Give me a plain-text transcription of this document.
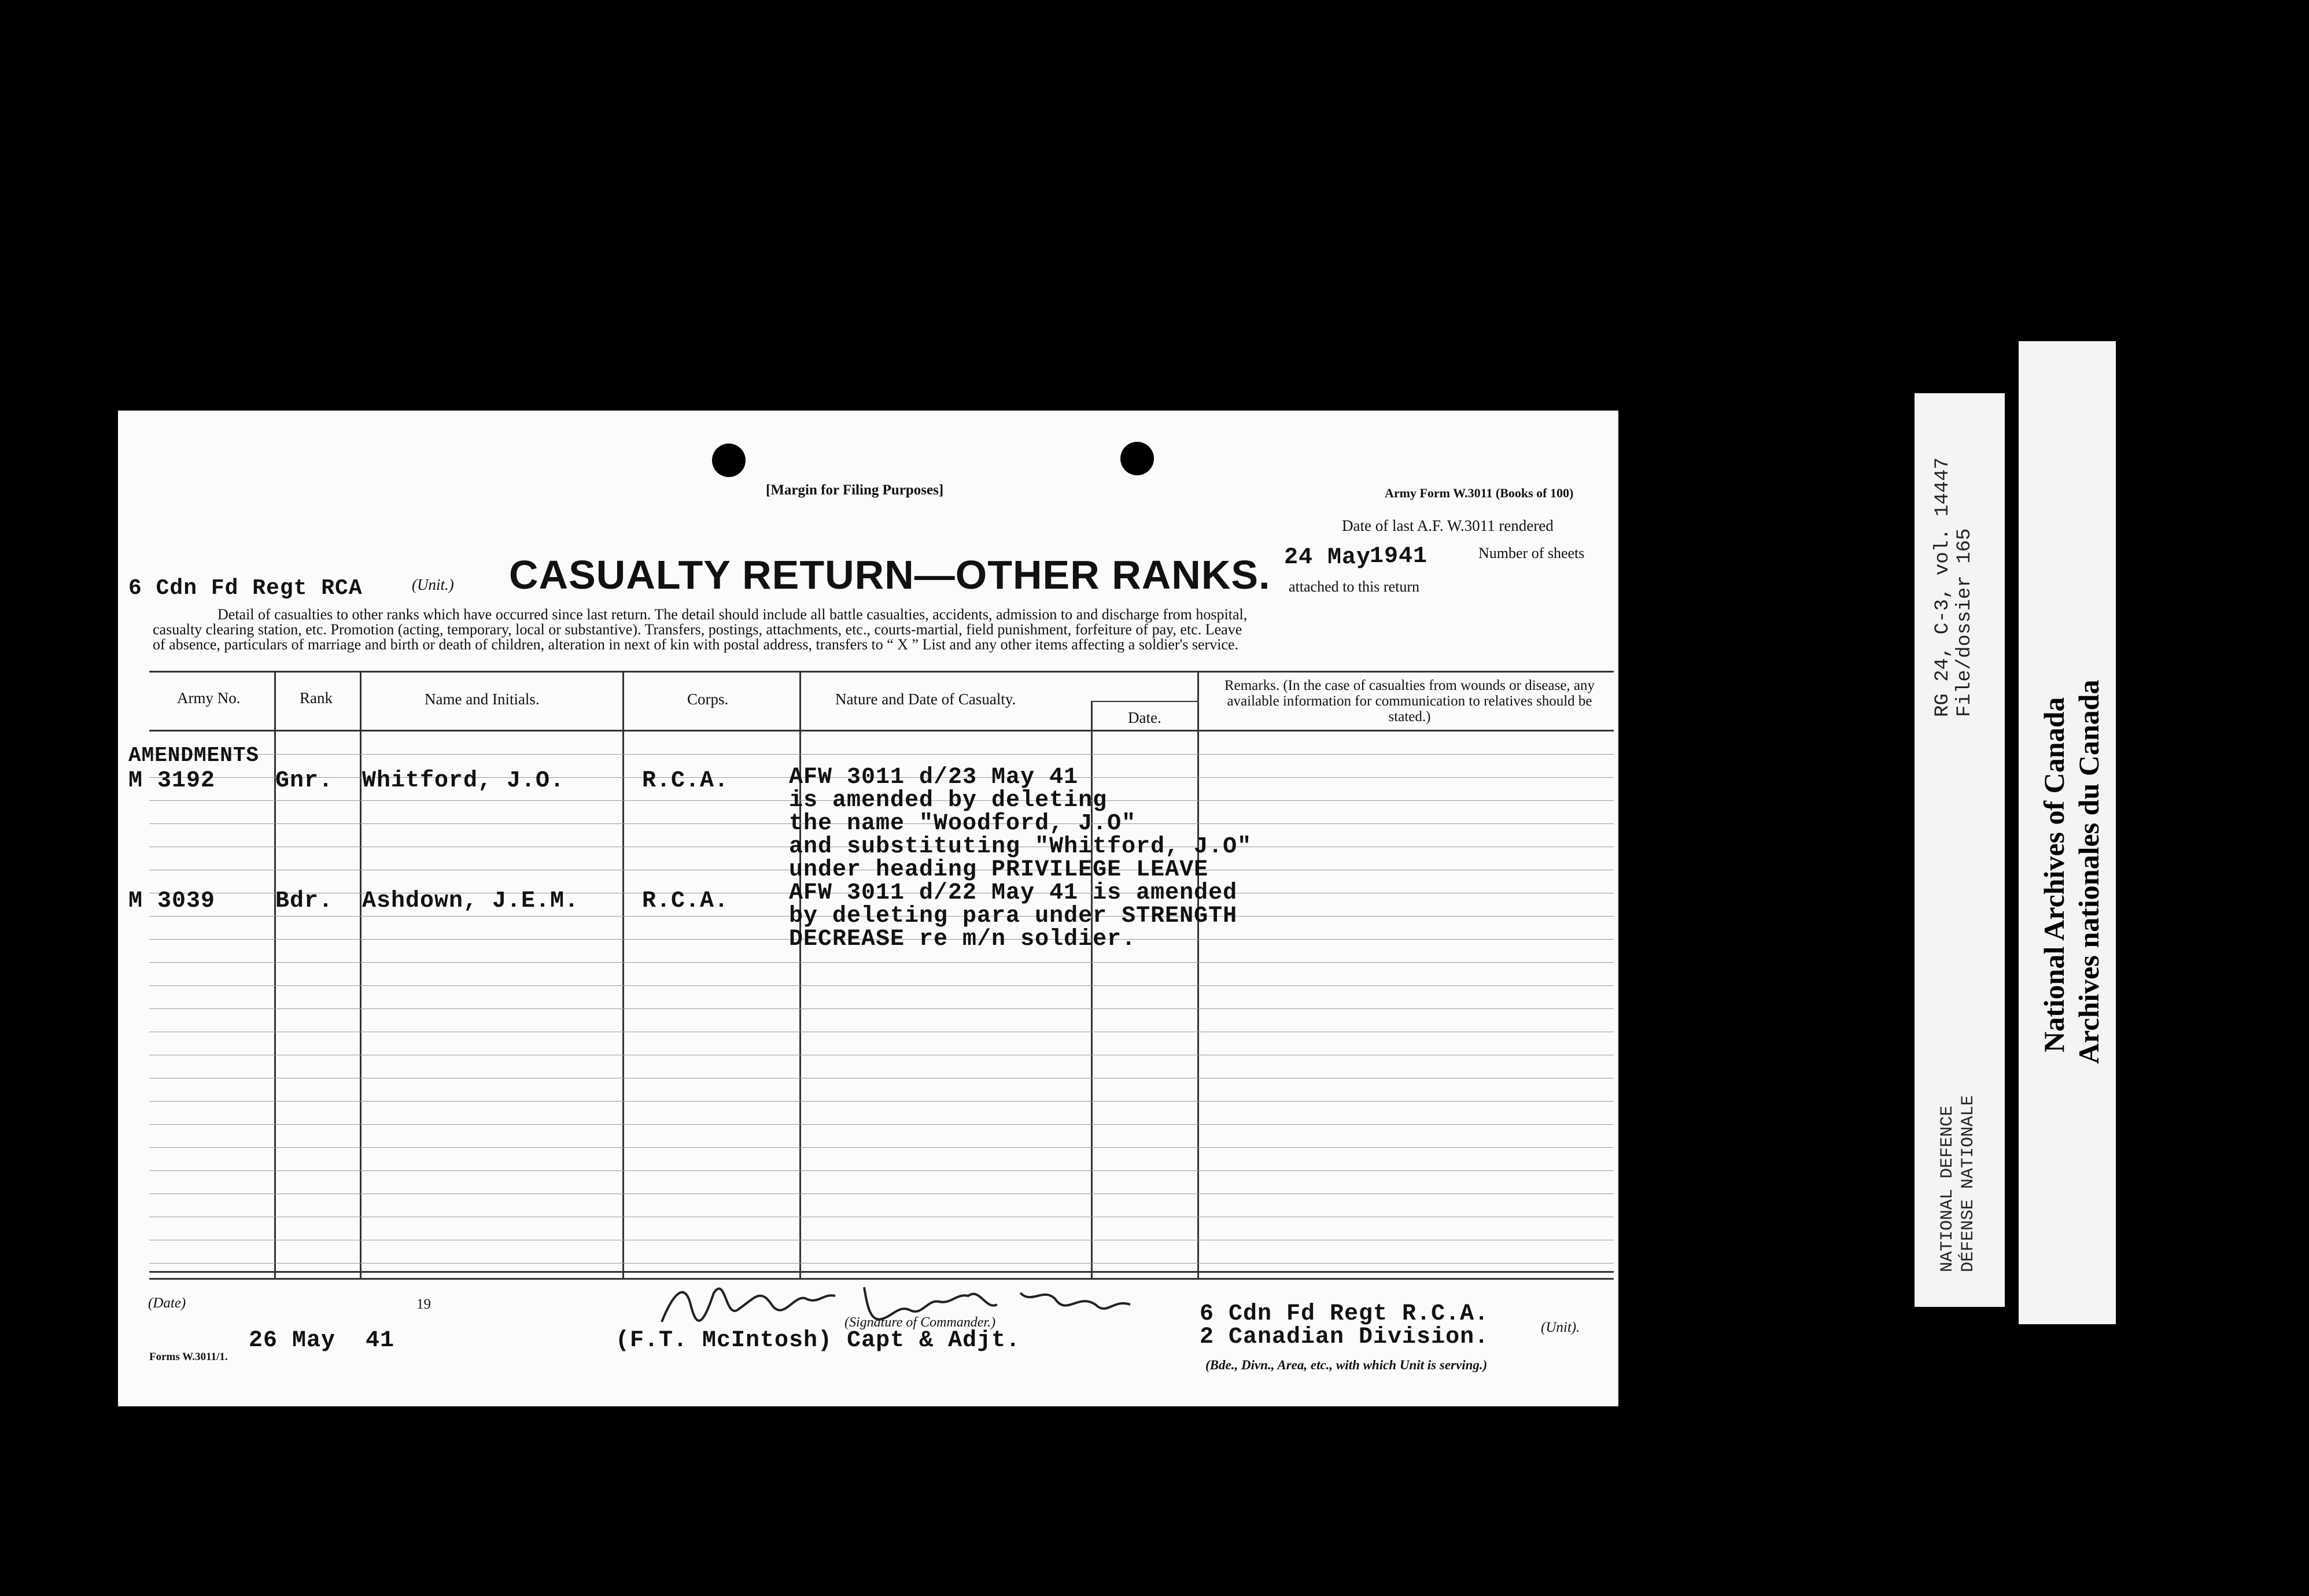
[Margin for Filing Purposes]	Army Form W.3011 (Books of 100)
Date of last A.F. W.3011 rendered
24 May
1941	Number of sheets
attached to this return
6 Cdn Fd Regt RCA	(Unit.) CASUALTY RETURN—OTHER RANKS.
Detail of casualties to other ranks which have occurred since last return. The detail should include all battle casualties, accidents, admission to and discharge from hospital,
casualty clearing station, etc. Promotion (acting, temporary, local or substantive). Transfers, postings, attachments, etc., courts-martial, field punishment, forfeiture of pay, etc. Leave
of absence, particulars of marriage and birth or death of children, alteration in next of kin with postal address, transfers to “ X ” List and any other items affecting a soldier's service.
Army No.	Rank	Name and Initials.	Corps.	Nature and Date of Casualty.
Date.
Remarks. (In the case of casualties from wounds or disease, any available information for communication to relatives should be stated.)
AMENDMENTS
M 3192	Gnr. Whitford, J.O.	R.C.A.	AFW 3011 d/23 May 41
is amended by deleting
the name "Woodford, J.O"
and substituting "Whitford, J.O"
under heading PRIVILEGE LEAVE
M 3039	Bdr. Ashdown, J.E.M.	R.C.A.	AFW 3011 d/22 May 41 is amended
by deleting para under STRENGTH
DECREASE re m/n soldier.
(Date)	19
26 May 41
Forms W.3011/1.
(F.T. McIntosh) Capt & Adjt.
(Signature of Commander.)	6 Cdn Fd Regt R.C.A.
2 Canadian Division.	(Unit).
(Bde., Divn., Area, etc., with which Unit is serving.)
RG 24, C-3, vol. 14447 File/dossier 165
NATIONAL DEFENCE DÉFENSE NATIONALE
National Archives of Canada Archives nationales du Canada
